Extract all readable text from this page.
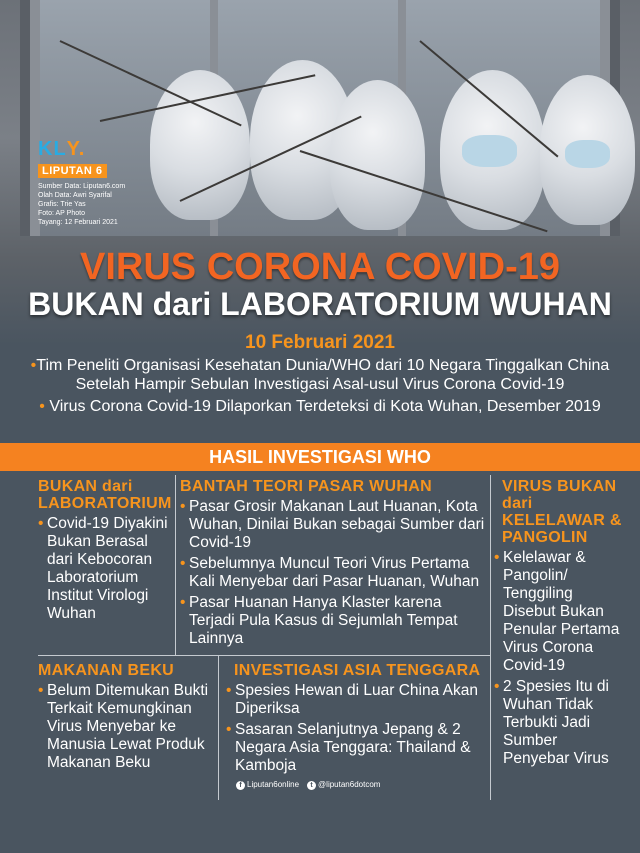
KLY.
LIPUTAN 6
Sumber Data: Liputan6.com
Olah Data: Awri Syarifal
Grafis: Trie Yas
Foto: AP Photo
Tayang: 12 Februari 2021
VIRUS CORONA COVID-19
BUKAN dari LABORATORIUM WUHAN
10 Februari 2021

•Tim Peneliti Organisasi Kesehatan Dunia/WHO dari 10 Negara Tinggalkan China Setelah Hampir Sebulan Investigasi Asal-usul Virus Corona Covid-19

• Virus Corona Covid-19 Dilaporkan Terdeteksi di Kota Wuhan, Desember 2019

HASIL INVESTIGASI WHO
BUKAN dari LABORATORIUM
• Covid-19 Diyakini Bukan Berasal dari Kebocoran Laboratorium Institut Virologi Wuhan
BANTAH TEORI PASAR WUHAN
• Pasar Grosir Makanan Laut Huanan, Kota Wuhan, Dinilai Bukan sebagai Sumber dari Covid-19
• Sebelumnya Muncul Teori Virus Pertama Kali Menyebar dari Pasar Huanan, Wuhan
• Pasar Huanan Hanya Klaster karena Terjadi Pula Kasus di Sejumlah Tempat Lainnya
VIRUS BUKAN dari KELELAWAR & PANGOLIN
• Kelelawar & Pangolin/ Tenggiling Disebut Bukan Penular Pertama Virus Corona Covid-19
• 2 Spesies Itu di Wuhan Tidak Terbukti Jadi Sumber Penyebar Virus
MAKANAN BEKU
• Belum Ditemukan Bukti Terkait Kemungkinan Virus Menyebar ke Manusia Lewat Produk Makanan Beku
INVESTIGASI ASIA TENGGARA
• Spesies Hewan di Luar China Akan Diperiksa
• Sasaran Selanjutnya Jepang & 2 Negara Asia Tenggara: Thailand & Kamboja
f Liputan6online	t @liputan6dotcom
